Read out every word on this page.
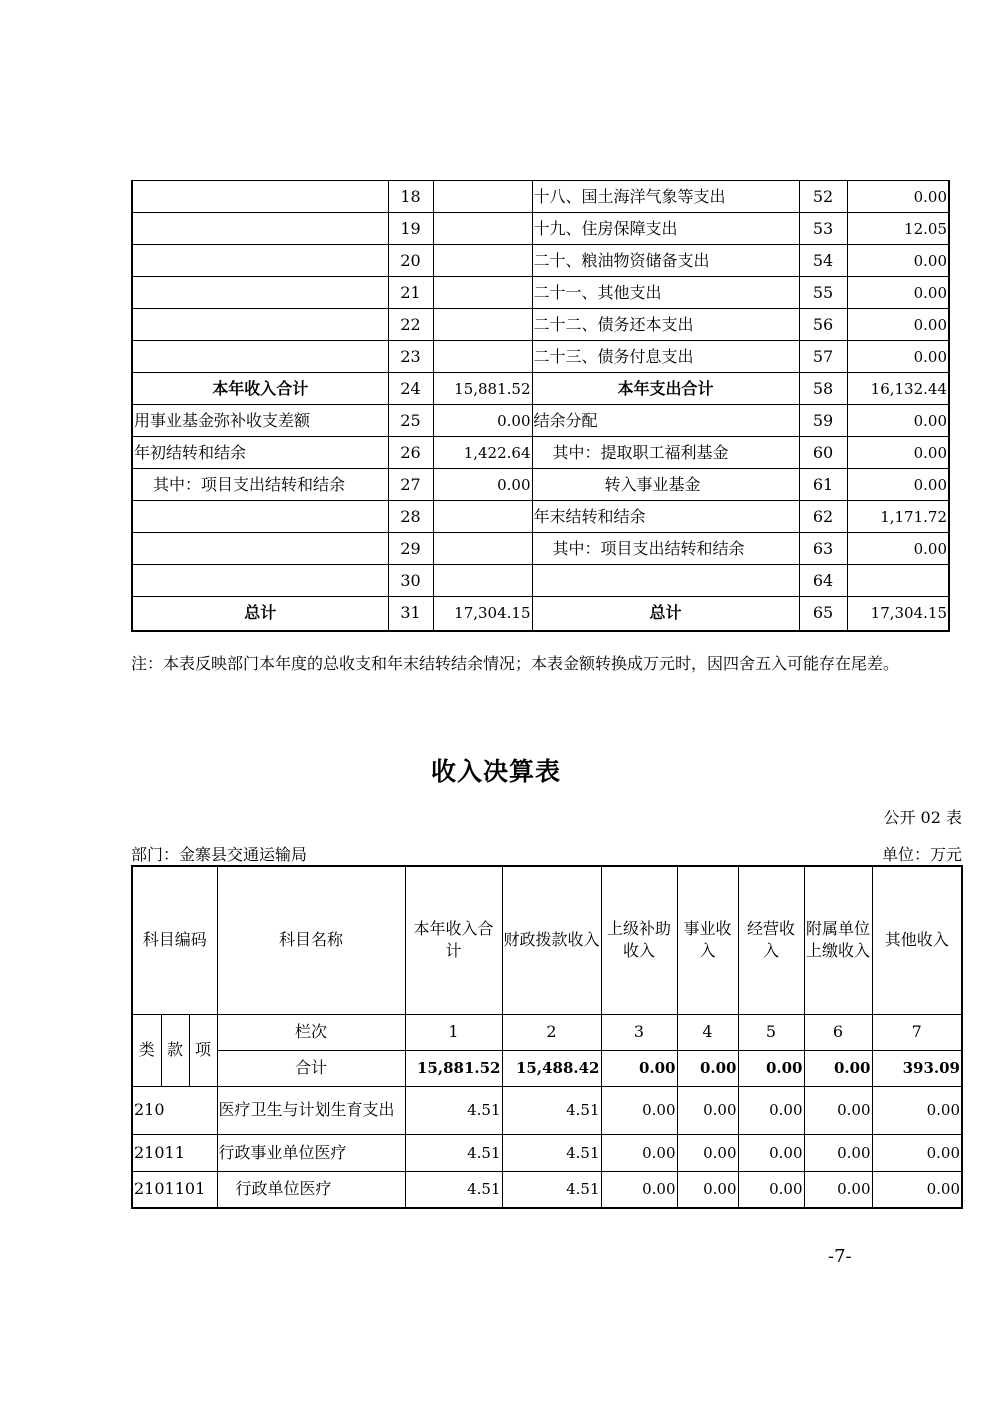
	18		十八、国土海洋气象等支出	52	0.00
	19		十九、住房保障支出	53	12.05
	20		二十、粮油物资储备支出	54	0.00
	21		二十一、其他支出	55	0.00
	22		二十二、债务还本支出	56	0.00
	23		二十三、债务付息支出	57	0.00
本年收入合计	24	15,881.52	本年支出合计	58	16,132.44
用事业基金弥补收支差额	25	0.00	结余分配	59	0.00
年初结转和结余	26	1,422.64	其中：提取职工福利基金	60	0.00
其中：项目支出结转和结余	27	0.00	转入事业基金	61	0.00
	28		年末结转和结余	62	1,171.72
	29		其中：项目支出结转和结余	63	0.00
	30			64	
总计	31	17,304.15	总计	65	17,304.15
注：本表反映部门本年度的总收支和年末结转结余情况；本表金额转换成万元时，因四舍五入可能存在尾差。
收入决算表
公开 02 表
部门：金寨县交通运输局	单位：万元
科目编码			科目名称	本年收入合计	财政拨款收入	上级补助收入	事业收入	经营收入	附属单位上缴收入	其他收入
类	款	项	栏次	1	2	3	4	5	6	7
			合计	15,881.52	15,488.42	0.00	0.00	0.00	0.00	393.09
210			医疗卫生与计划生育支出	4.51	4.51	0.00	0.00	0.00	0.00	0.00
21011			行政事业单位医疗	4.51	4.51	0.00	0.00	0.00	0.00	0.00
2101101			行政单位医疗	4.51	4.51	0.00	0.00	0.00	0.00	0.00
-7-
